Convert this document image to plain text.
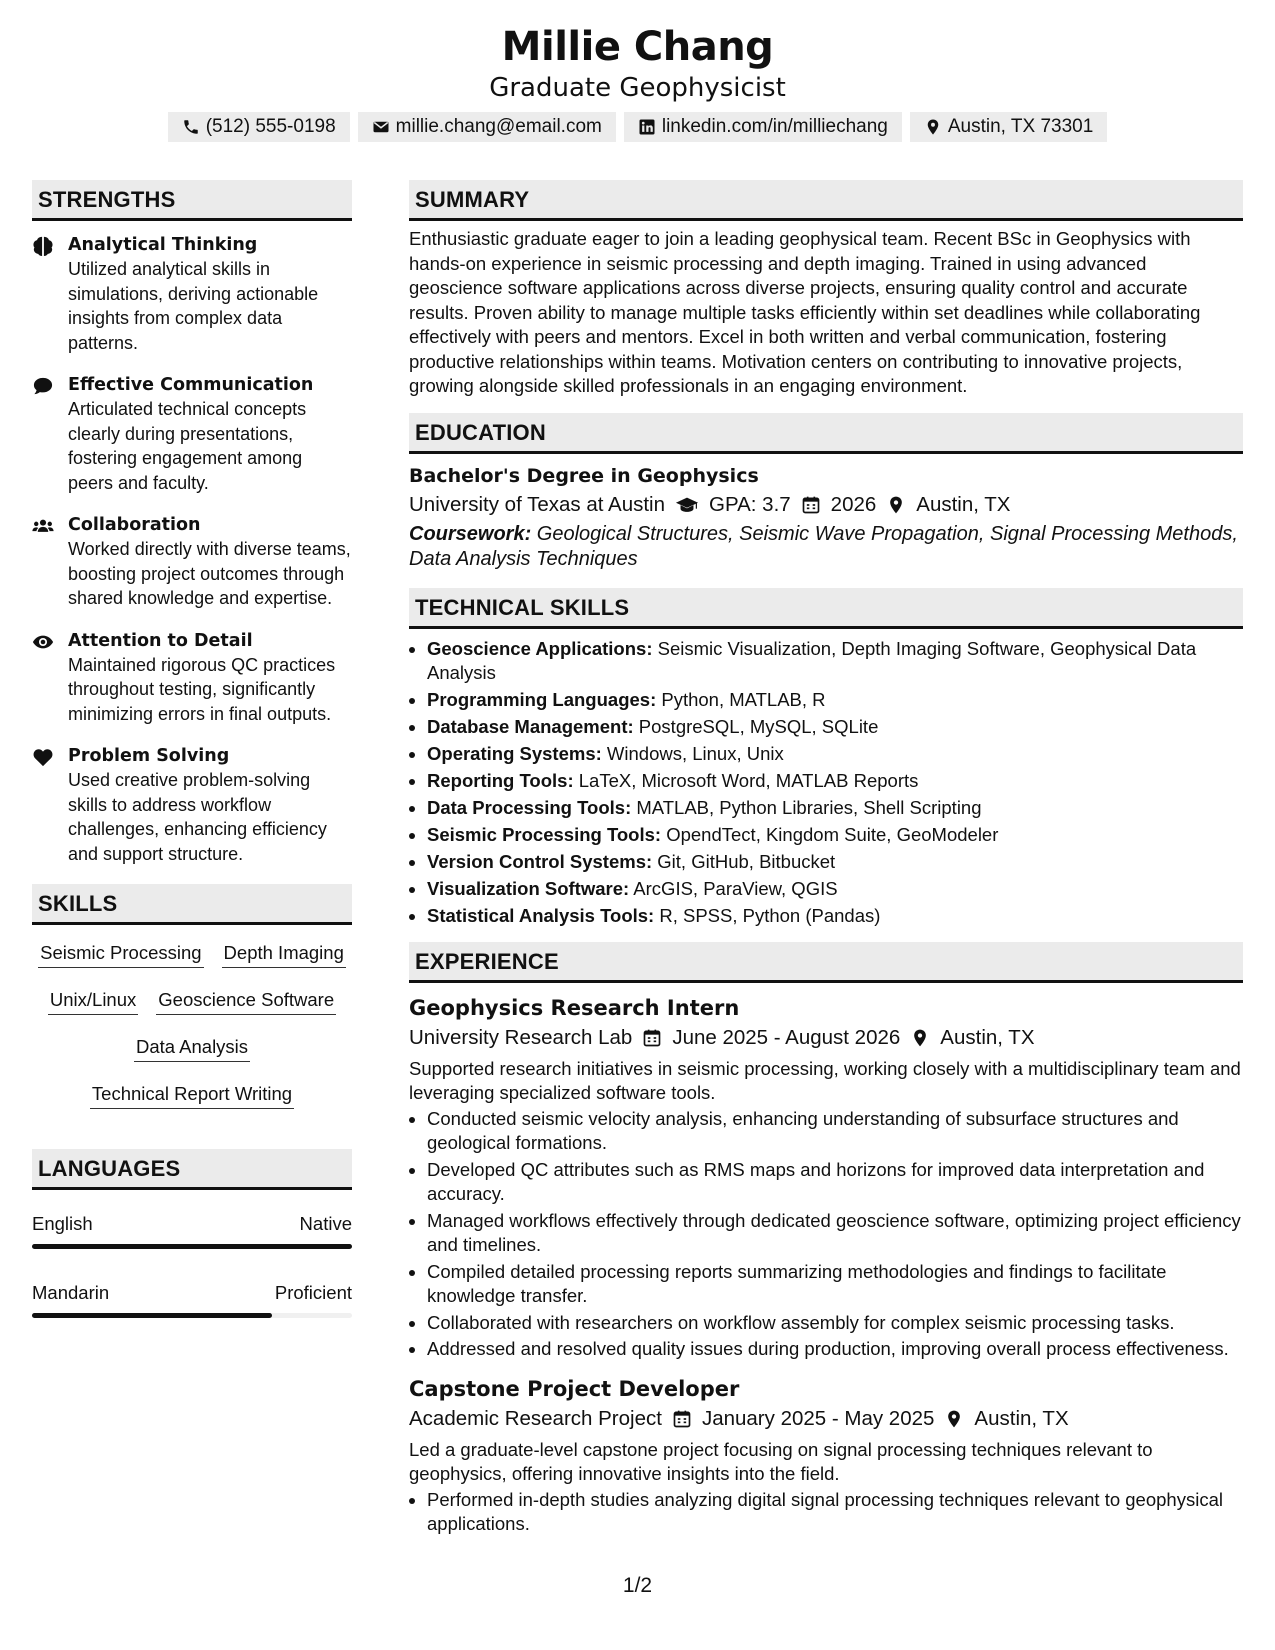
Millie Chang
Graduate Geophysicist
(512) 555-0198	millie.chang@email.com	linkedin.com/in/milliechang	Austin, TX 73301
STRENGTHS
Analytical Thinking
Utilized analytical skills in simulations, deriving actionable insights from complex data patterns.
Effective Communication
Articulated technical concepts clearly during presentations, fostering engagement among peers and faculty.
Collaboration
Worked directly with diverse teams, boosting project outcomes through shared knowledge and expertise.
Attention to Detail
Maintained rigorous QC practices throughout testing, significantly minimizing errors in final outputs.
Problem Solving
Used creative problem-solving skills to address workflow challenges, enhancing efficiency and support structure.
SKILLS
Seismic Processing Depth Imaging
Unix/Linux Geoscience Software
Data Analysis
Technical Report Writing
LANGUAGES
English	Native
Mandarin	Proficient
SUMMARY
Enthusiastic graduate eager to join a leading geophysical team. Recent BSc in Geophysics with hands-on experience in seismic processing and depth imaging. Trained in using advanced geoscience software applications across diverse projects, ensuring quality control and accurate results. Proven ability to manage multiple tasks efficiently within set deadlines while collaborating effectively with peers and mentors. Excel in both written and verbal communication, fostering productive relationships within teams. Motivation centers on contributing to innovative projects, growing alongside skilled professionals in an engaging environment.
EDUCATION
Bachelor's Degree in Geophysics
University of Texas at Austin GPA: 3.7 2026 Austin, TX
Coursework: Geological Structures, Seismic Wave Propagation, Signal Processing Methods, Data Analysis Techniques
TECHNICAL SKILLS
• Geoscience Applications: Seismic Visualization, Depth Imaging Software, Geophysical Data Analysis
• Programming Languages: Python, MATLAB, R
• Database Management: PostgreSQL, MySQL, SQLite
• Operating Systems: Windows, Linux, Unix
• Reporting Tools: LaTeX, Microsoft Word, MATLAB Reports
• Data Processing Tools: MATLAB, Python Libraries, Shell Scripting
• Seismic Processing Tools: OpendTect, Kingdom Suite, GeoModeler
• Version Control Systems: Git, GitHub, Bitbucket
• Visualization Software: ArcGIS, ParaView, QGIS
• Statistical Analysis Tools: R, SPSS, Python (Pandas)
EXPERIENCE
Geophysics Research Intern
University Research Lab June 2025 - August 2026 Austin, TX
Supported research initiatives in seismic processing, working closely with a multidisciplinary team and leveraging specialized software tools.
• Conducted seismic velocity analysis, enhancing understanding of subsurface structures and geological formations.
• Developed QC attributes such as RMS maps and horizons for improved data interpretation and accuracy.
• Managed workflows effectively through dedicated geoscience software, optimizing project efficiency and timelines.
• Compiled detailed processing reports summarizing methodologies and findings to facilitate knowledge transfer.
• Collaborated with researchers on workflow assembly for complex seismic processing tasks.
• Addressed and resolved quality issues during production, improving overall process effectiveness.
Capstone Project Developer
Academic Research Project January 2025 - May 2025 Austin, TX
Led a graduate-level capstone project focusing on signal processing techniques relevant to geophysics, offering innovative insights into the field.
• Performed in-depth studies analyzing digital signal processing techniques relevant to geophysical applications.
1/2
